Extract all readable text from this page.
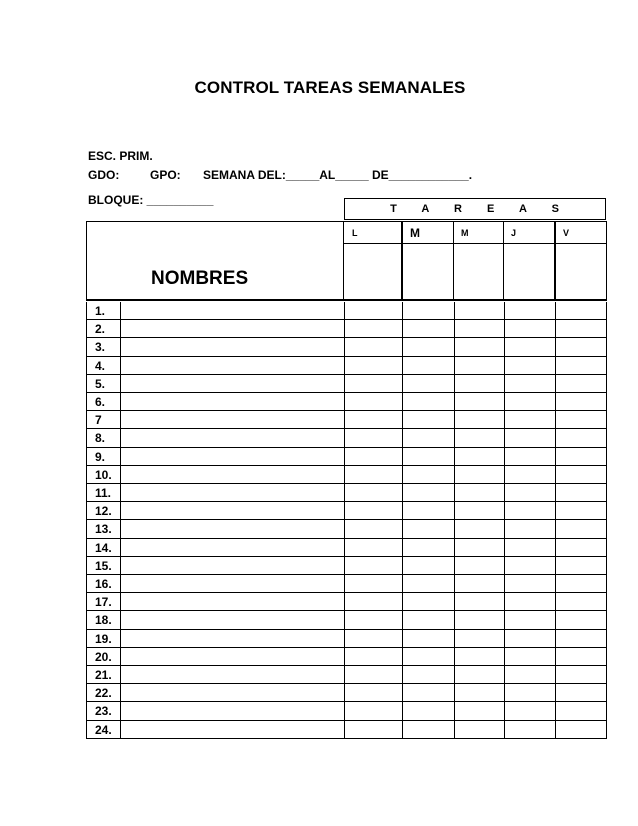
CONTROL TAREAS SEMANALES
ESC. PRIM.
GDO:	GPO: SEMANA DEL:_____AL_____ DE____________.
BLOQUE: __________
T A R E A S
NOMBRES
L	M	M	J	V
1.
2.
3.
4.
5.
6.
7
8.
9.
10.
11.
12.
13.
14.
15.
16.
17.
18.
19.
20.
21.
22.
23.
24.
